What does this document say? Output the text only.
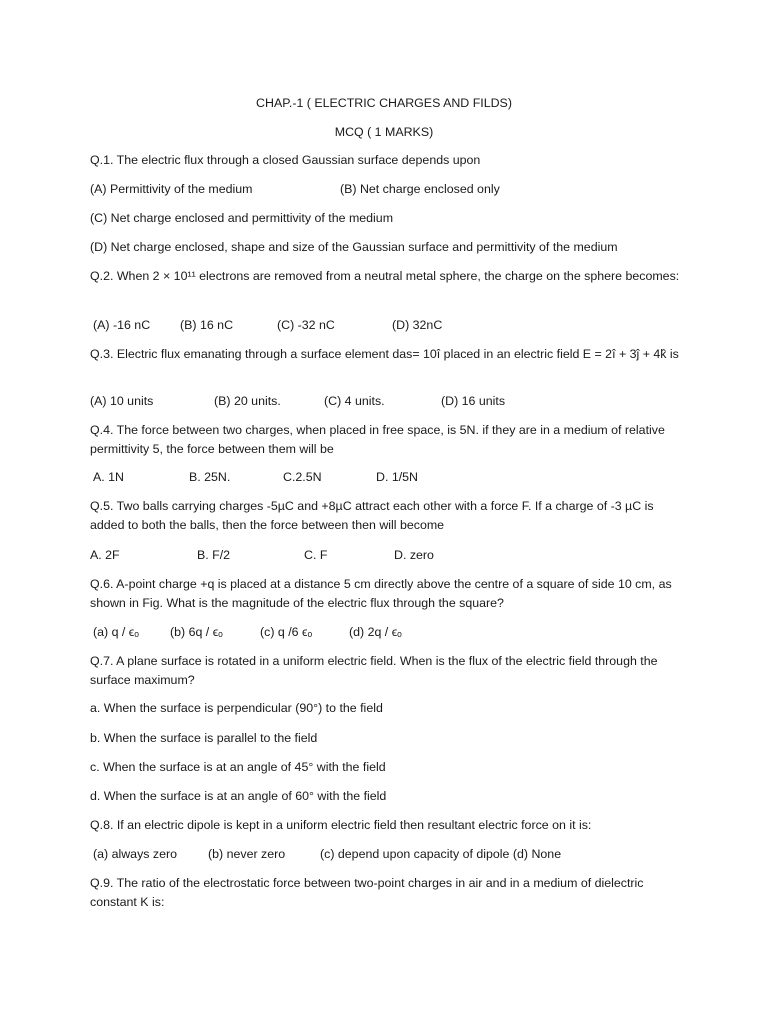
CHAP.-1 ( ELECTRIC CHARGES AND FILDS)
MCQ ( 1 MARKS)
Q.1. The electric flux through a closed Gaussian surface depends upon
(A) Permittivity of the medium	(B) Net charge enclosed only
(C) Net charge enclosed and permittivity of the medium
(D) Net charge enclosed, shape and size of the Gaussian surface and permittivity of the medium
Q.2. When 2 × 10¹¹ electrons are removed from a neutral metal sphere, the charge on the sphere becomes:
(A) -16 nC (B) 16 nC	(C) -32 nC	(D) 32nC
Q.3. Electric flux emanating through a surface element das= 10î placed in an electric field E = 2î + 3ĵ + 4k̂ is
(A) 10 units	(B) 20 units.	(C) 4 units.	(D) 16 units
Q.4. The force between two charges, when placed in free space, is 5N. if they are in a medium of relative permittivity 5, the force between them will be
A. 1N	B. 25N.	C.2.5N	D. 1/5N
Q.5. Two balls carrying charges -5µC and +8µC attract each other with a force F. If a charge of -3 µC is added to both the balls, then the force between then will become
A. 2F	B. F/2	C. F	D. zero
Q.6. A-point charge +q is placed at a distance 5 cm directly above the centre of a square of side 10 cm, as shown in Fig. What is the magnitude of the electric flux through the square?
(a) q / ϵₒ	(b) 6q / ϵₒ	(c) q /6 ϵₒ	(d) 2q / ϵₒ
Q.7. A plane surface is rotated in a uniform electric field. When is the flux of the electric field through the surface maximum?
a. When the surface is perpendicular (90°) to the field
b. When the surface is parallel to the field
c. When the surface is at an angle of 45° with the field
d. When the surface is at an angle of 60° with the field
Q.8. If an electric dipole is kept in a uniform electric field then resultant electric force on it is:
(a) always zero (b) never zero	(c) depend upon capacity of dipole (d) None
Q.9. The ratio of the electrostatic force between two-point charges in air and in a medium of dielectric constant K is:
